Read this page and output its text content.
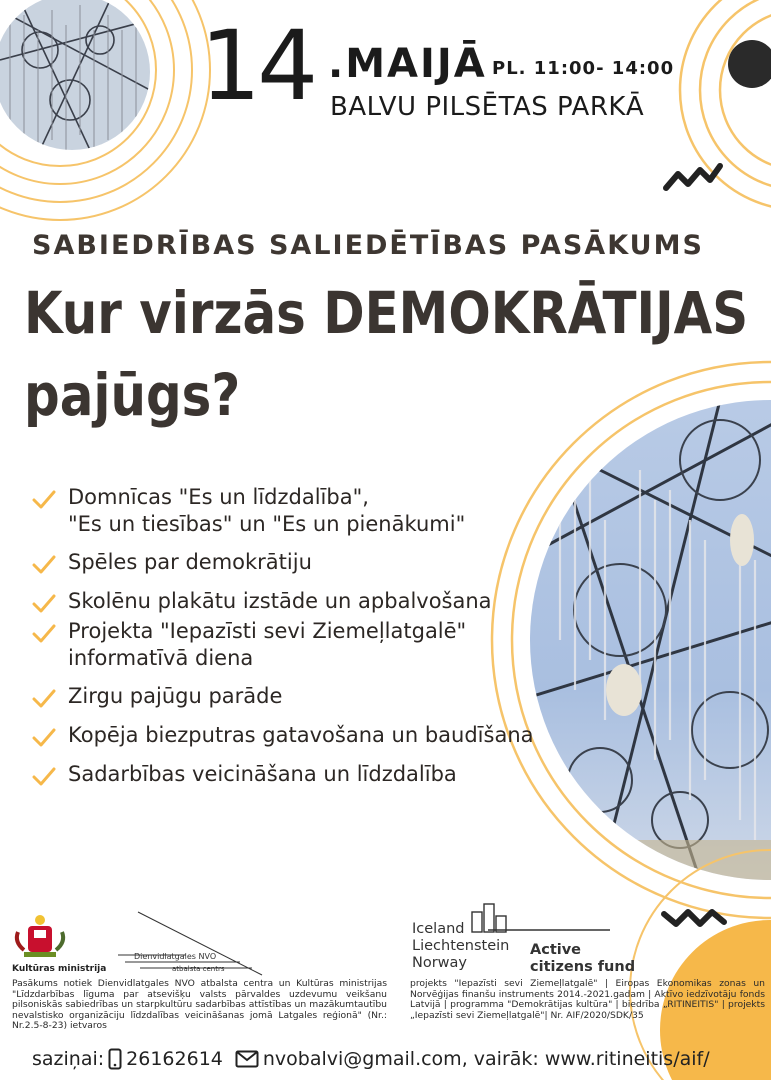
14 .MAIJĀ PL. 11:00- 14:00
BALVU PILSĒTAS PARKĀ
SABIEDRĪBAS SALIEDĒTĪBAS PASĀKUMS
Kur virzās DEMOKRĀTIJAS
pajūgs?
Domnīcas "Es un līdzdalība",
"Es un tiesības" un "Es un pienākumi"
Spēles par demokrātiju
Skolēnu plakātu izstāde un apbalvošana
Projekta "Iepazīsti sevi Ziemeļlatgalē"
informatīvā diena
Zirgu pajūgu parāde
Kopēja biezputras gatavošana un baudīšana
Sadarbības veicināšana un līdzdalība
Kultūras ministrija
Dienvidlatgales NVO
atbalsta centrs
Iceland
Liechtenstein
Norway
Active
citizens fund
Pasākums notiek Dienvidlatgales NVO atbalsta centra un Kultūras ministrijas "Līdzdarbības līguma par atsevišķu valsts pārvaldes uzdevumu veikšanu pilsoniskās sabiedrības un starpkultūru sadarbības attīstības un mazākumtautību nevalstisko organizāciju līdzdalības veicināšanas jomā Latgales reģionā" (Nr.: Nr.2.5-8-23) ietvaros
projekts "Iepazīsti sevi Ziemeļlatgalē" | Eiropas Ekonomikas zonas un Norvēģijas finanšu instruments 2014.-2021.gadam | Aktīvo iedzīvotāju fonds Latvijā | programma "Demokrātijas kultūra" | biedrība „RITINEITIS" | projekts „Iepazīsti sevi Ziemeļlatgalē"| Nr. AIF/2020/SDK/35
saziņai: 26162614 nvobalvi@gmail.com, vairāk: www.ritineitis/aif/
